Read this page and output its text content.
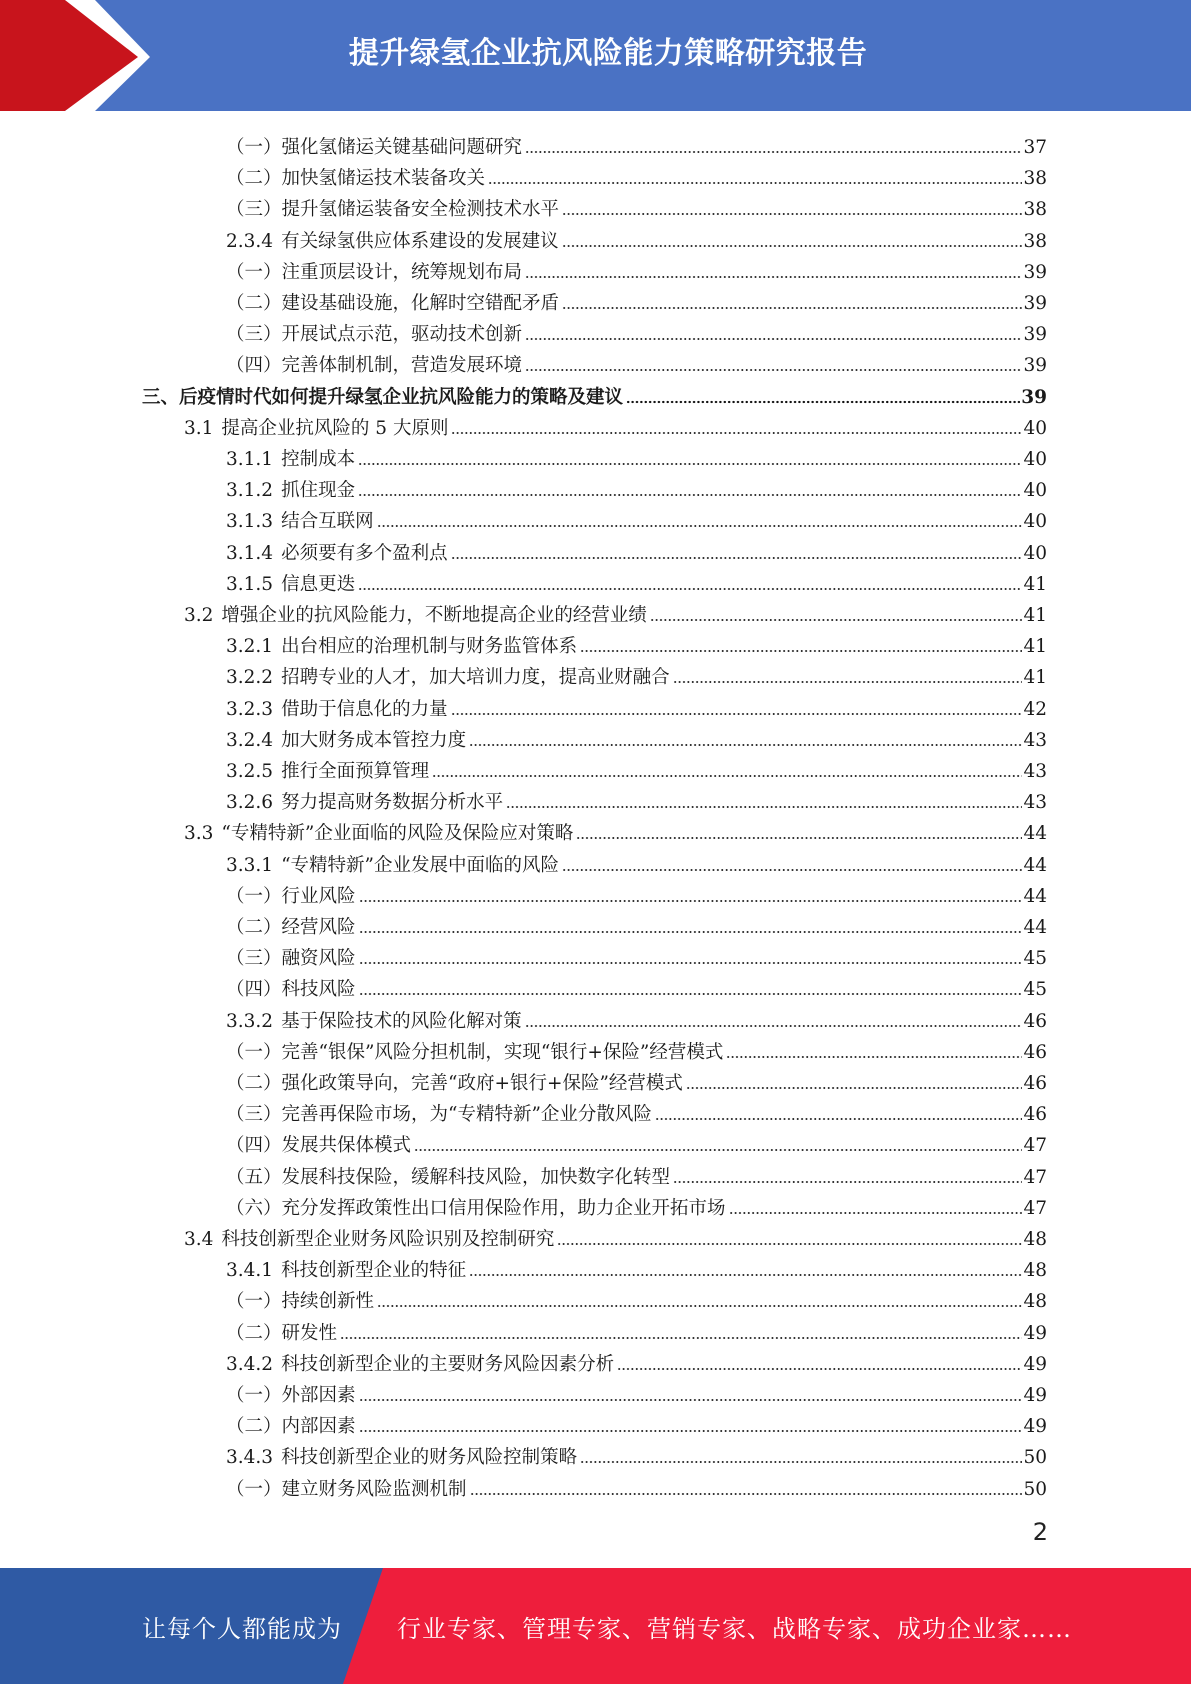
提升绿氢企业抗风险能力策略研究报告
（一）强化氢储运关键基础问题研究	37
（二）加快氢储运技术装备攻关	38
（三）提升氢储运装备安全检测技术水平	38
2.3.4 有关绿氢供应体系建设的发展建议	38
（一）注重顶层设计，统筹规划布局	39
（二）建设基础设施，化解时空错配矛盾	39
（三）开展试点示范，驱动技术创新	39
（四）完善体制机制，营造发展环境	39
三、后疫情时代如何提升绿氢企业抗风险能力的策略及建议	39
3.1 提高企业抗风险的 5 大原则	40
3.1.1 控制成本	40
3.1.2 抓住现金	40
3.1.3 结合互联网	40
3.1.4 必须要有多个盈利点	40
3.1.5 信息更迭	41
3.2 增强企业的抗风险能力，不断地提高企业的经营业绩	41
3.2.1 出台相应的治理机制与财务监管体系	41
3.2.2 招聘专业的人才，加大培训力度，提高业财融合	41
3.2.3 借助于信息化的力量	42
3.2.4 加大财务成本管控力度	43
3.2.5 推行全面预算管理	43
3.2.6 努力提高财务数据分析水平	43
3.3 “专精特新”企业面临的风险及保险应对策略	44
3.3.1 “专精特新”企业发展中面临的风险	44
（一）行业风险	44
（二）经营风险	44
（三）融资风险	45
（四）科技风险	45
3.3.2 基于保险技术的风险化解对策	46
（一）完善“银保”风险分担机制，实现“银行+保险”经营模式	46
（二）强化政策导向，完善“政府+银行+保险”经营模式	46
（三）完善再保险市场，为“专精特新”企业分散风险	46
（四）发展共保体模式	47
（五）发展科技保险，缓解科技风险，加快数字化转型	47
（六）充分发挥政策性出口信用保险作用，助力企业开拓市场	47
3.4 科技创新型企业财务风险识别及控制研究	48
3.4.1 科技创新型企业的特征	48
（一）持续创新性	48
（二）研发性	49
3.4.2 科技创新型企业的主要财务风险因素分析	49
（一）外部因素	49
（二）内部因素	49
3.4.3 科技创新型企业的财务风险控制策略	50
（一）建立财务风险监测机制	50
2
让每个人都能成为 行业专家、管理专家、营销专家、战略专家、成功企业家……
